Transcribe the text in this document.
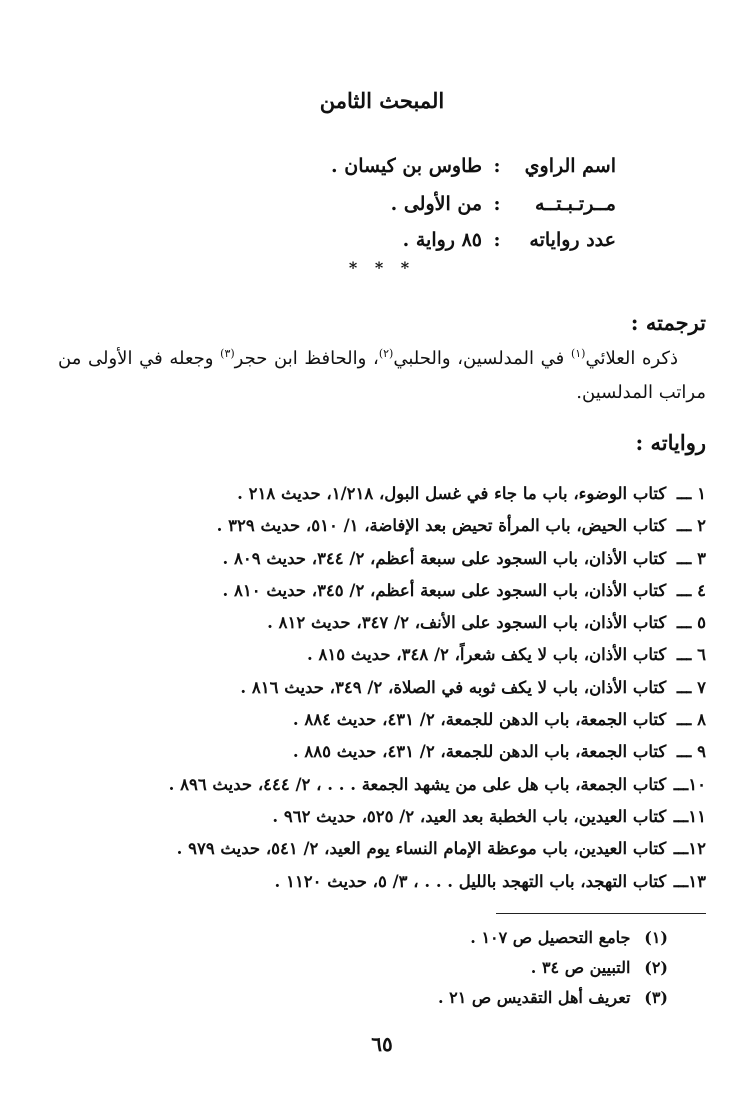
المبحث الثامن
اسم الراوي:طاوس بن كيسان .
مــرتـبـتــه:من الأولى .
عدد رواياته:٨٥ رواية .
* * *
ترجمته :
ذكره العلائي$^{(١)}$ في المدلسين، والحلبي$^{(٢)}$، والحافظ ابن حجر$^{(٣)}$ وجعله في الأولى من مراتب المدلسين.
رواياته :
١ ـــ كتاب الوضوء، باب ما جاء في غسل البول، ١/٢١٨، حديث ٢١٨ .
٢ ـــ كتاب الحيض، باب المرأة تحيض بعد الإفاضة، ١/ ٥١٠، حديث ٣٢٩ .
٣ ـــ كتاب الأذان، باب السجود على سبعة أعظم، ٢/ ٣٤٤، حديث ٨٠٩ .
٤ ـــ كتاب الأذان، باب السجود على سبعة أعظم، ٢/ ٣٤٥، حديث ٨١٠ .
٥ ـــ كتاب الأذان، باب السجود على الأنف، ٢/ ٣٤٧، حديث ٨١٢ .
٦ ـــ كتاب الأذان، باب لا يكف شعراً، ٢/ ٣٤٨، حديث ٨١٥ .
٧ ـــ كتاب الأذان، باب لا يكف ثوبه في الصلاة، ٢/ ٣٤٩، حديث ٨١٦ .
٨ ـــ كتاب الجمعة، باب الدهن للجمعة، ٢/ ٤٣١، حديث ٨٨٤ .
٩ ـــ كتاب الجمعة، باب الدهن للجمعة، ٢/ ٤٣١، حديث ٨٨٥ .
١٠ـــ كتاب الجمعة، باب هل على من يشهد الجمعة . . . ، ٢/ ٤٤٤، حديث ٨٩٦ .
١١ـــ كتاب العيدين، باب الخطبة بعد العيد، ٢/ ٥٢٥، حديث ٩٦٢ .
١٢ـــ كتاب العيدين، باب موعظة الإمام النساء يوم العيد، ٢/ ٥٤١، حديث ٩٧٩ .
١٣ـــ كتاب التهجد، باب التهجد بالليل . . . ، ٣/ ٥، حديث ١١٢٠ .
(١) جامع التحصيل ص ١٠٧ .
(٢) التبيين ص ٣٤ .
(٣) تعريف أهل التقديس ص ٢١ .
٦٥
